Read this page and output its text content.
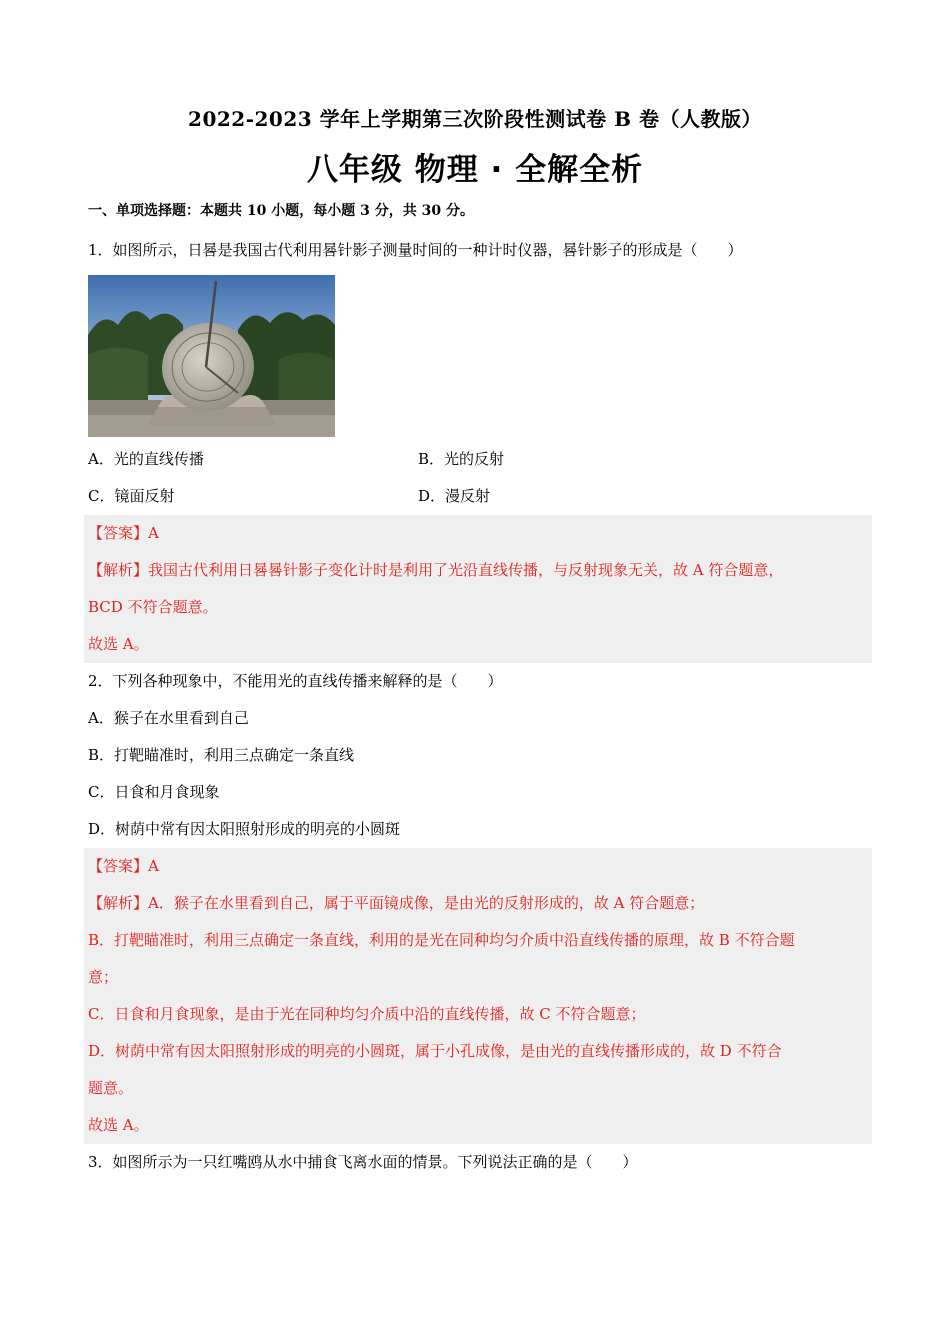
2022-2023 学年上学期第三次阶段性测试卷 B 卷（人教版）
八年级 物理 · 全解全析
一、单项选择题：本题共 10 小题，每小题 3 分，共 30 分。

1．如图所示，日晷是我国古代利用晷针影子测量时间的一种计时仪器，晷针影子的形成是（　　）

A．光的直线传播	B．光的反射
C．镜面反射	D．漫反射

【答案】A

【解析】我国古代利用日晷晷针影子变化计时是利用了光沿直线传播，与反射现象无关，故 A 符合题意，

BCD 不符合题意。

故选 A。

2．下列各种现象中，不能用光的直线传播来解释的是（　　）

A．猴子在水里看到自己

B．打靶瞄准时，利用三点确定一条直线

C．日食和月食现象

D．树荫中常有因太阳照射形成的明亮的小圆斑

【答案】A

【解析】A．猴子在水里看到自己，属于平面镜成像，是由光的反射形成的，故 A 符合题意；

B．打靶瞄准时，利用三点确定一条直线，利用的是光在同种均匀介质中沿直线传播的原理，故 B 不符合题

意；

C．日食和月食现象，是由于光在同种均匀介质中沿的直线传播，故 C 不符合题意；

D．树荫中常有因太阳照射形成的明亮的小圆斑，属于小孔成像，是由光的直线传播形成的，故 D 不符合

题意。

故选 A。

3．如图所示为一只红嘴鸥从水中捕食飞离水面的情景。下列说法正确的是（　　）
